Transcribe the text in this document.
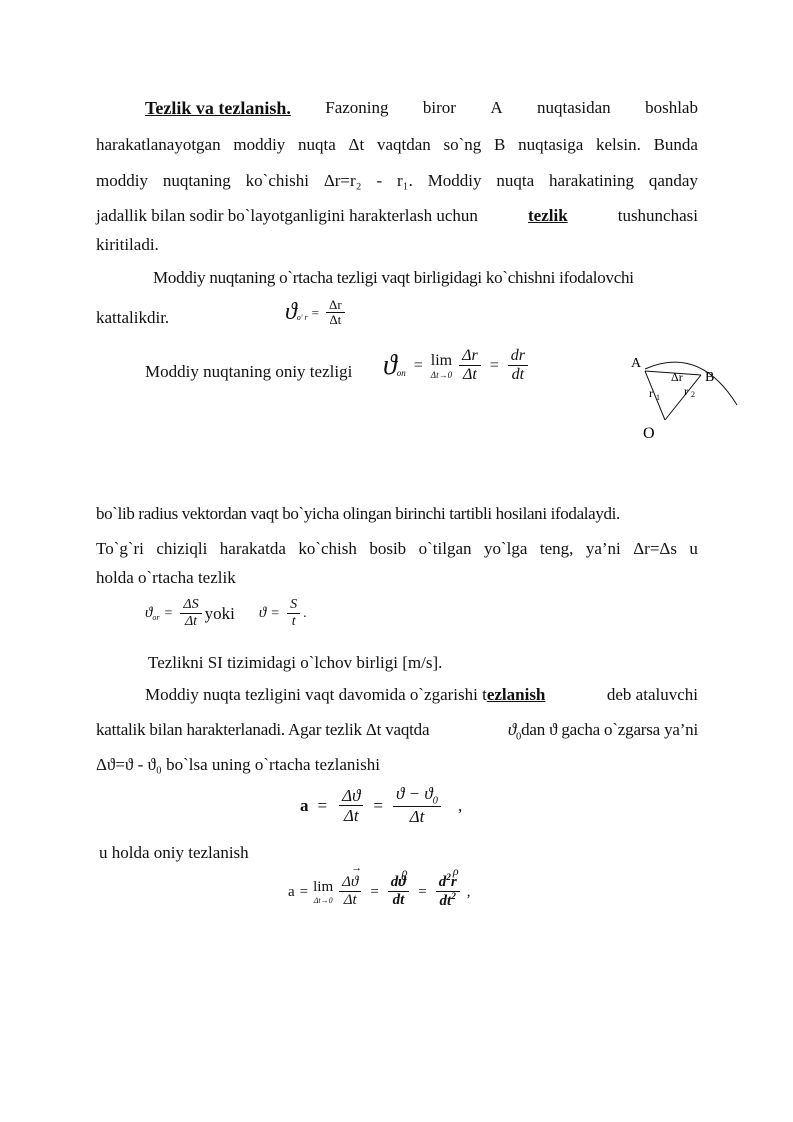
Tezlik va tezlanish. Fazoning biror A nuqtasidan boshlab
harakatlanayotgan moddiy nuqta Δt vaqtdan so`ng B nuqtasiga kelsin. Bunda
moddiy nuqtaning ko`chishi Δr=r₂ - r₁. Moddiy nuqta harakatining qanday
jadallik bilan sodir bo`layotganligini harakterlash uchun	tezlik	tushunchasi
kiritiladi.
Moddiy nuqtaning o`rtacha tezligi vaqt birligidagi ko`chishni ifodalovchi
kattalikdir.	$ϑ_{o' r} = \frac{\Delta r}{\Delta t}$
Moddiy nuqtaning oniy tezligi $ϑ_{on} = \lim$
$\Delta t\to 0 \frac{\Delta r}{\Delta t} = \frac{dr}{dt}$	A
B
Δr
r 1 r 2
O
bo`lib radius vektordan vaqt bo`yicha olingan birinchi tartibli hosilani ifodalaydi.
To`g`ri chiziqli harakatda ko`chish bosib o`tilgan yo`lga teng, ya’ni Δr=Δs u
holda o`rtacha tezlik
$ϑ_{or} = \frac{\Delta S}{\Delta t}$ yoki $ϑ = \frac{S}{t}$ .
Tezlikni SI tizimidagi o`lchov birligi [m/s].
Moddiy nuqta tezligini vaqt davomida o`zgarishi tezlanish	deb ataluvchi
kattalik bilan harakterlanadi. Agar tezlik Δt vaqtda	$ϑ_0dan$ ϑ gacha o`zgarsa ya’ni
Δϑ=ϑ - ϑ₀ bo`lsa uning o`rtacha tezlanishi
$a = \frac{\Delta ϑ}{\Delta t} = \frac{ϑ - ϑ_0}{\Delta t}$ ,
u holda oniy tezlanish
a = lim
Δt→0 →
Δϑ
Δt = ρ
dϑ
dt = $d^2$ ρ
r
$dt^2$ ,
